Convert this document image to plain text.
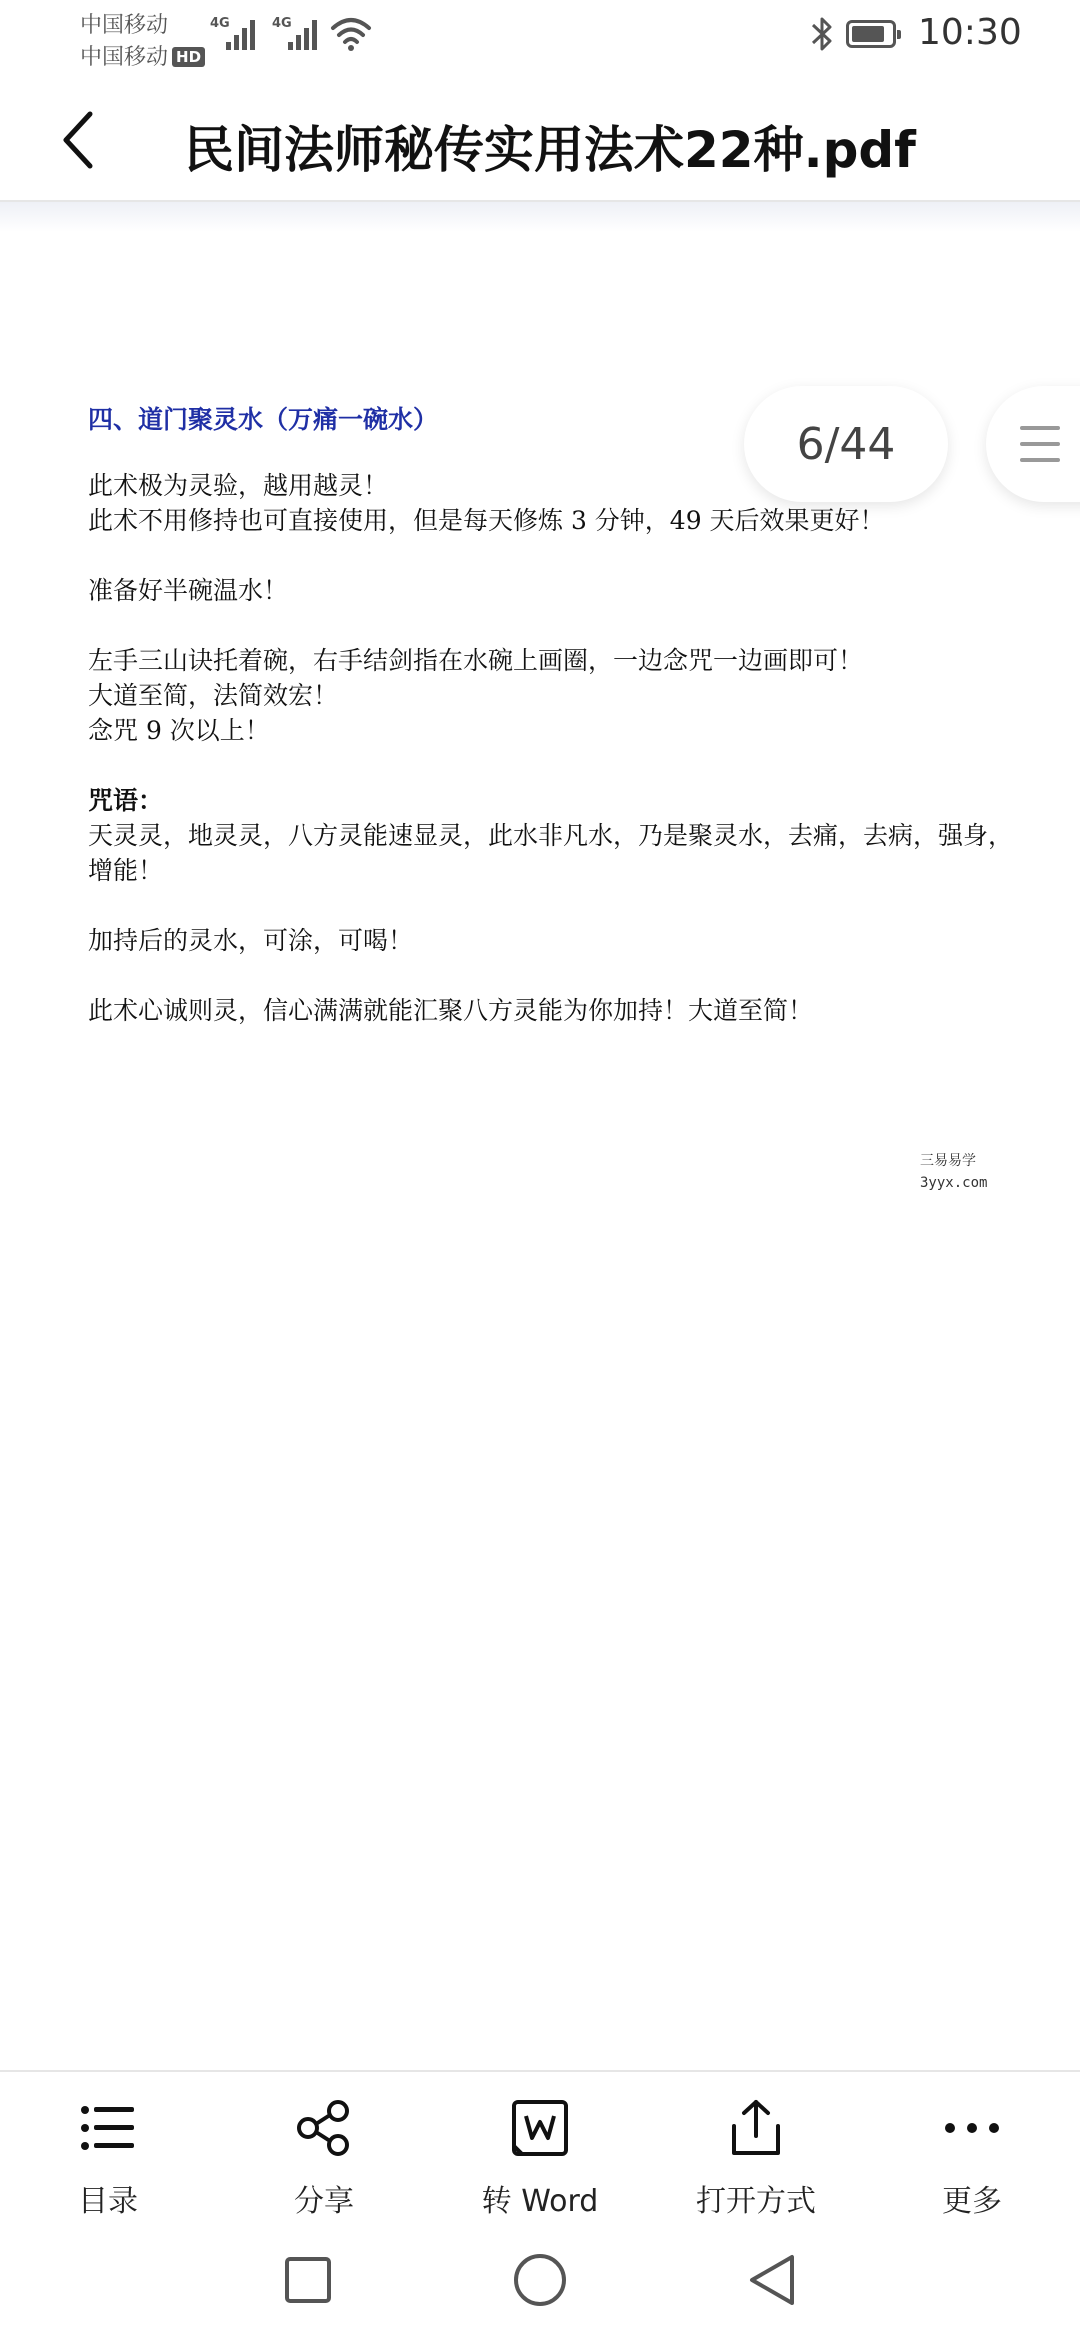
中国移动
中国移动 HD
4G	4G	10:30
民间法师秘传实用法术22种.pdf
四、道门聚灵水（万痛一碗水）
此术极为灵验，越用越灵！
此术不用修持也可直接使用，但是每天修炼 3 分钟，49 天后效果更好！
准备好半碗温水！
左手三山诀托着碗，右手结剑指在水碗上画圈，一边念咒一边画即可！
大道至简，法简效宏！
念咒 9 次以上！
咒语：
天灵灵，地灵灵，八方灵能速显灵，此水非凡水，乃是聚灵水，去痛，去病，强身，增能！
加持后的灵水，可涂，可喝！
此术心诚则灵，信心满满就能汇聚八方灵能为你加持！大道至简！
三易易学
3yyx.com
6/44
目录	分享	转 Word	打开方式	更多
